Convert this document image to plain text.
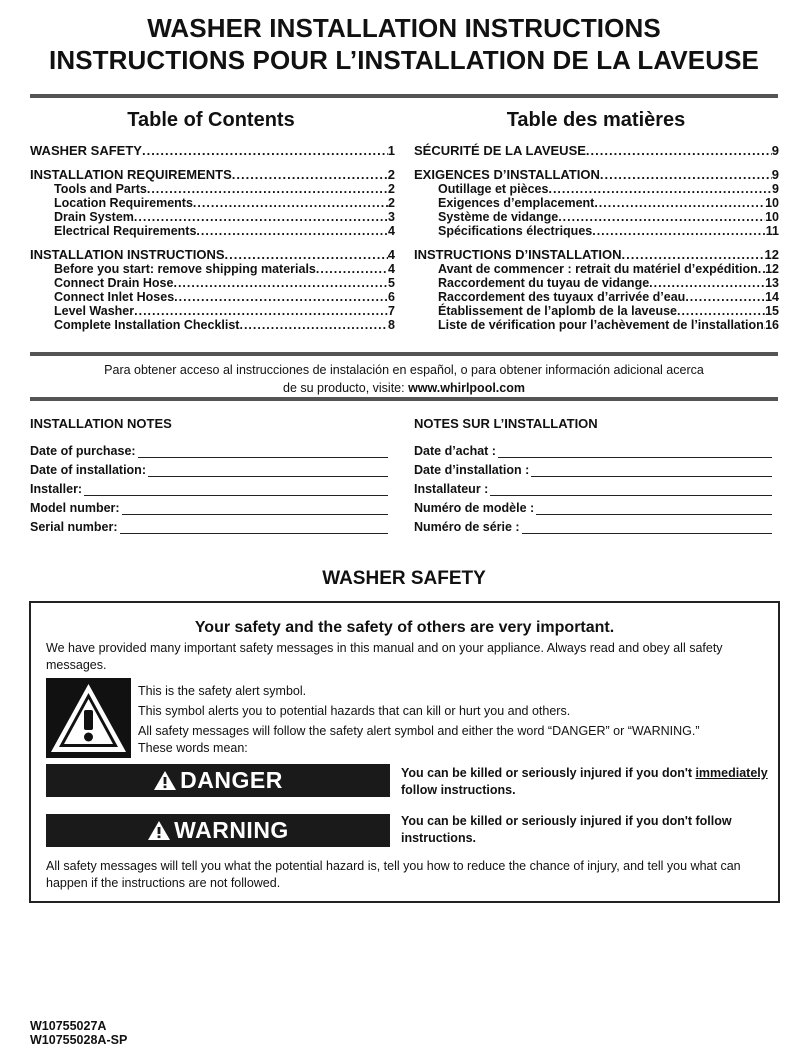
WASHER INSTALLATION INSTRUCTIONS
INSTRUCTIONS POUR L’INSTALLATION DE LA LAVEUSE
Table of Contents	Table des matières
WASHER SAFETY .....	1
INSTALLATION REQUIREMENTS .....	2
Tools and Parts .....	2
Location Requirements .....	2
Drain System .....	3
Electrical Requirements .....	4
INSTALLATION INSTRUCTIONS .....	4
Before you start: remove shipping materials .....	4
Connect Drain Hose .....	5
Connect Inlet Hoses .....	6
Level Washer .....	7
Complete Installation Checklist .....	8
SÉCURITÉ DE LA LAVEUSE .....	9
EXIGENCES D’INSTALLATION .....	9
Outillage et pièces .....	9
Exigences d’emplacement .....	10
Système de vidange .....	10
Spécifications électriques .....	11
INSTRUCTIONS D’INSTALLATION .....	12
Avant de commencer : retrait du matériel d’expédition ..... 12
Raccordement du tuyau de vidange .....	13
Raccordement des tuyaux d’arrivée d’eau .....	14
Établissement de l’aplomb de la laveuse .....	15
Liste de vérification pour l’achèvement de l’installation ..... 16
Para obtener acceso al instrucciones de instalación en español, o para obtener información adicional acerca
de su producto, visite: www.whirlpool.com
INSTALLATION NOTES	NOTES SUR L’INSTALLATION
Date of purchase:
Date of installation:
Installer:
Model number:
Serial number:
Date d’achat :
Date d’installation :
Installateur :
Numéro de modèle :
Numéro de série :
WASHER SAFETY
Your safety and the safety of others are very important.
We have provided many important safety messages in this manual and on your appliance. Always read and obey all safety messages.
This is the safety alert symbol.
This symbol alerts you to potential hazards that can kill or hurt you and others.
All safety messages will follow the safety alert symbol and either the word “DANGER” or “WARNING.”
These words mean:
DANGER	You can be killed or seriously injured if you don't immediately
follow instructions.
WARNING	You can be killed or seriously injured if you don't follow instructions.
All safety messages will tell you what the potential hazard is, tell you how to reduce the chance of injury, and tell you what can happen if the instructions are not followed.
W10755027A
W10755028A-SP
